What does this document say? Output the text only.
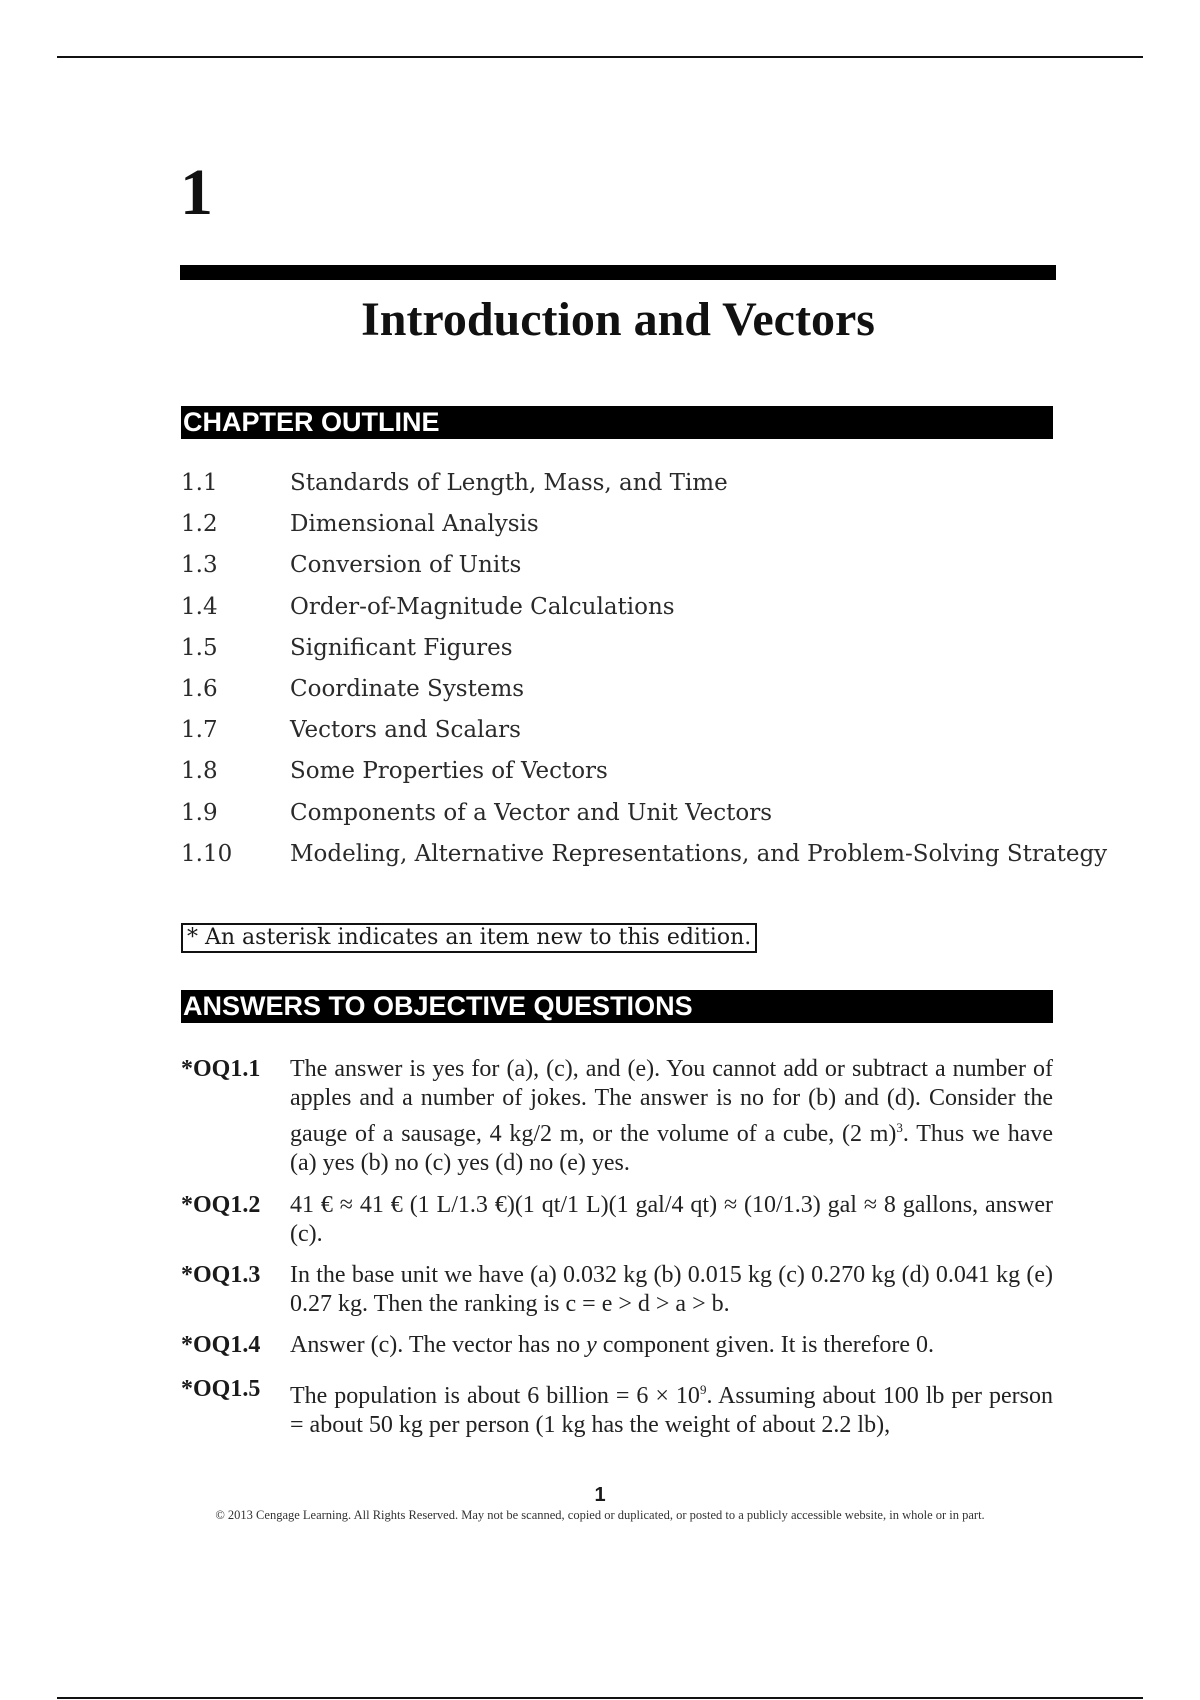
1
Introduction and Vectors
CHAPTER OUTLINE
1.1	Standards of Length, Mass, and Time
1.2	Dimensional Analysis
1.3	Conversion of Units
1.4	Order-of-Magnitude Calculations
1.5	Significant Figures
1.6	Coordinate Systems
1.7	Vectors and Scalars
1.8	Some Properties of Vectors
1.9	Components of a Vector and Unit Vectors
1.10	Modeling, Alternative Representations, and Problem-Solving Strategy
* An asterisk indicates an item new to this edition.
ANSWERS TO OBJECTIVE QUESTIONS
*OQ1.1 The answer is yes for (a), (c), and (e). You cannot add or subtract a number of apples and a number of jokes. The answer is no for (b) and (d). Consider the gauge of a sausage, 4 kg/2 m, or the volume of a cube, (2 m)$^3$. Thus we have (a) yes (b) no (c) yes (d) no (e) yes.
*OQ1.2 41 € ≈ 41 € (1 L/1.3 €)(1 qt/1 L)(1 gal/4 qt) ≈ (10/1.3) gal ≈ 8 gallons, answer (c).
*OQ1.3 In the base unit we have (a) 0.032 kg (b) 0.015 kg (c) 0.270 kg (d) 0.041 kg (e) 0.27 kg. Then the ranking is c = e > d > a > b.
*OQ1.4 Answer (c). The vector has no y component given. It is therefore 0.
*OQ1.5 The population is about 6 billion = $6 \times 10^9$. Assuming about 100 lb per person = about 50 kg per person (1 kg has the weight of about 2.2 lb),
1
© 2013 Cengage Learning. All Rights Reserved. May not be scanned, copied or duplicated, or posted to a publicly accessible website, in whole or in part.
